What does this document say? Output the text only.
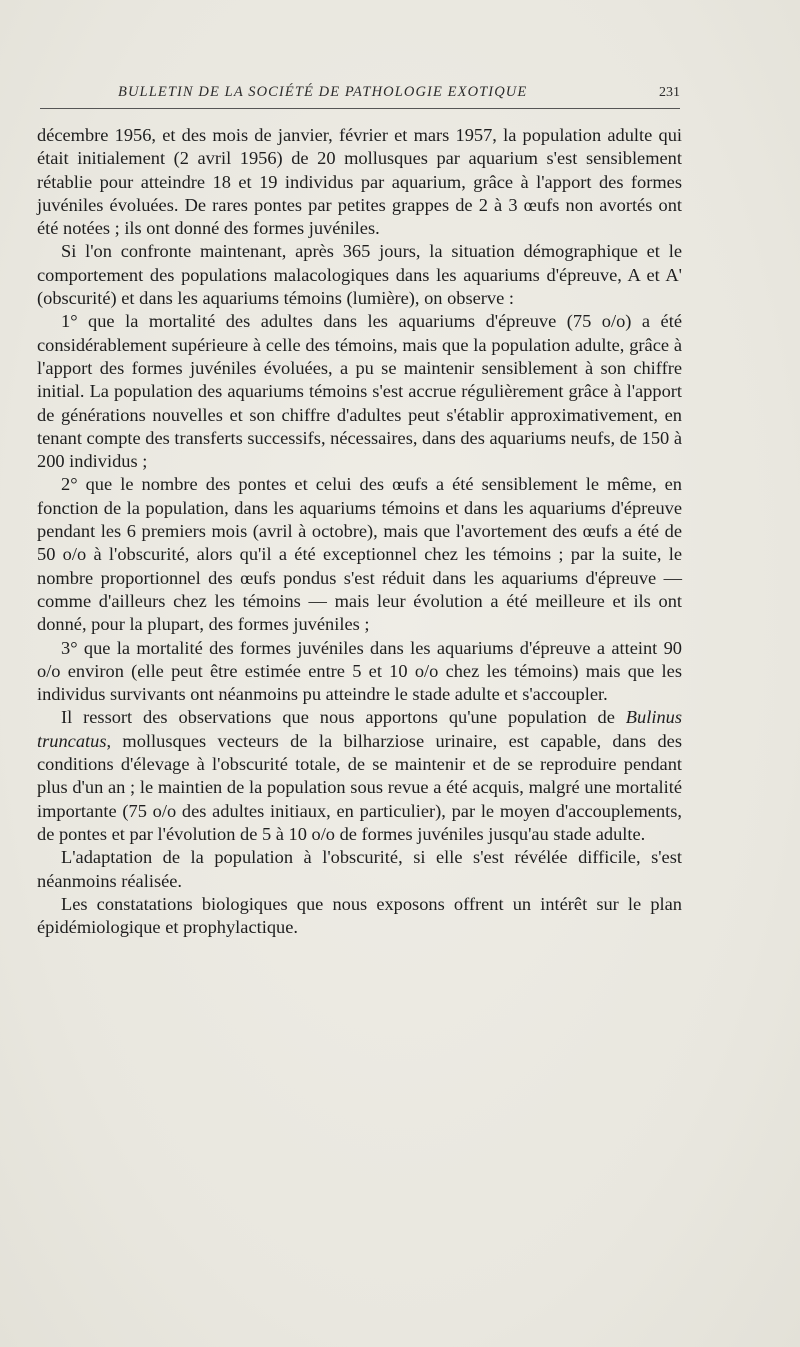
BULLETIN DE LA SOCIÉTÉ DE PATHOLOGIE EXOTIQUE	231

décembre 1956, et des mois de janvier, février et mars 1957, la population adulte qui était initialement (2 avril 1956) de 20 mollusques par aquarium s'est sensiblement rétablie pour atteindre 18 et 19 individus par aquarium, grâce à l'apport des formes juvéniles évoluées. De rares pontes par petites grappes de 2 à 3 œufs non avortés ont été notées ; ils ont donné des formes juvéniles.

Si l'on confronte maintenant, après 365 jours, la situation démographique et le comportement des populations malacologiques dans les aquariums d'épreuve, A et A' (obscurité) et dans les aquariums témoins (lumière), on observe :

1° que la mortalité des adultes dans les aquariums d'épreuve (75 o/o) a été considérablement supérieure à celle des témoins, mais que la population adulte, grâce à l'apport des formes juvéniles évoluées, a pu se maintenir sensiblement à son chiffre initial. La population des aquariums témoins s'est accrue régulièrement grâce à l'apport de générations nouvelles et son chiffre d'adultes peut s'établir approximativement, en tenant compte des transferts successifs, nécessaires, dans des aquariums neufs, de 150 à 200 individus ;

2° que le nombre des pontes et celui des œufs a été sensiblement le même, en fonction de la population, dans les aquariums témoins et dans les aquariums d'épreuve pendant les 6 premiers mois (avril à octobre), mais que l'avortement des œufs a été de 50 o/o à l'obscurité, alors qu'il a été exceptionnel chez les témoins ; par la suite, le nombre proportionnel des œufs pondus s'est réduit dans les aquariums d'épreuve — comme d'ailleurs chez les témoins — mais leur évolution a été meilleure et ils ont donné, pour la plupart, des formes juvéniles ;

3° que la mortalité des formes juvéniles dans les aquariums d'épreuve a atteint 90 o/o environ (elle peut être estimée entre 5 et 10 o/o chez les témoins) mais que les individus survivants ont néanmoins pu atteindre le stade adulte et s'accoupler.

Il ressort des observations que nous apportons qu'une population de Bulinus truncatus, mollusques vecteurs de la bilharziose urinaire, est capable, dans des conditions d'élevage à l'obscurité totale, de se maintenir et de se reproduire pendant plus d'un an ; le maintien de la population sous revue a été acquis, malgré une mortalité importante (75 o/o des adultes initiaux, en particulier), par le moyen d'accouplements, de pontes et par l'évolution de 5 à 10 o/o de formes juvéniles jusqu'au stade adulte.

L'adaptation de la population à l'obscurité, si elle s'est révélée difficile, s'est néanmoins réalisée.

Les constatations biologiques que nous exposons offrent un intérêt sur le plan épidémiologique et prophylactique.
